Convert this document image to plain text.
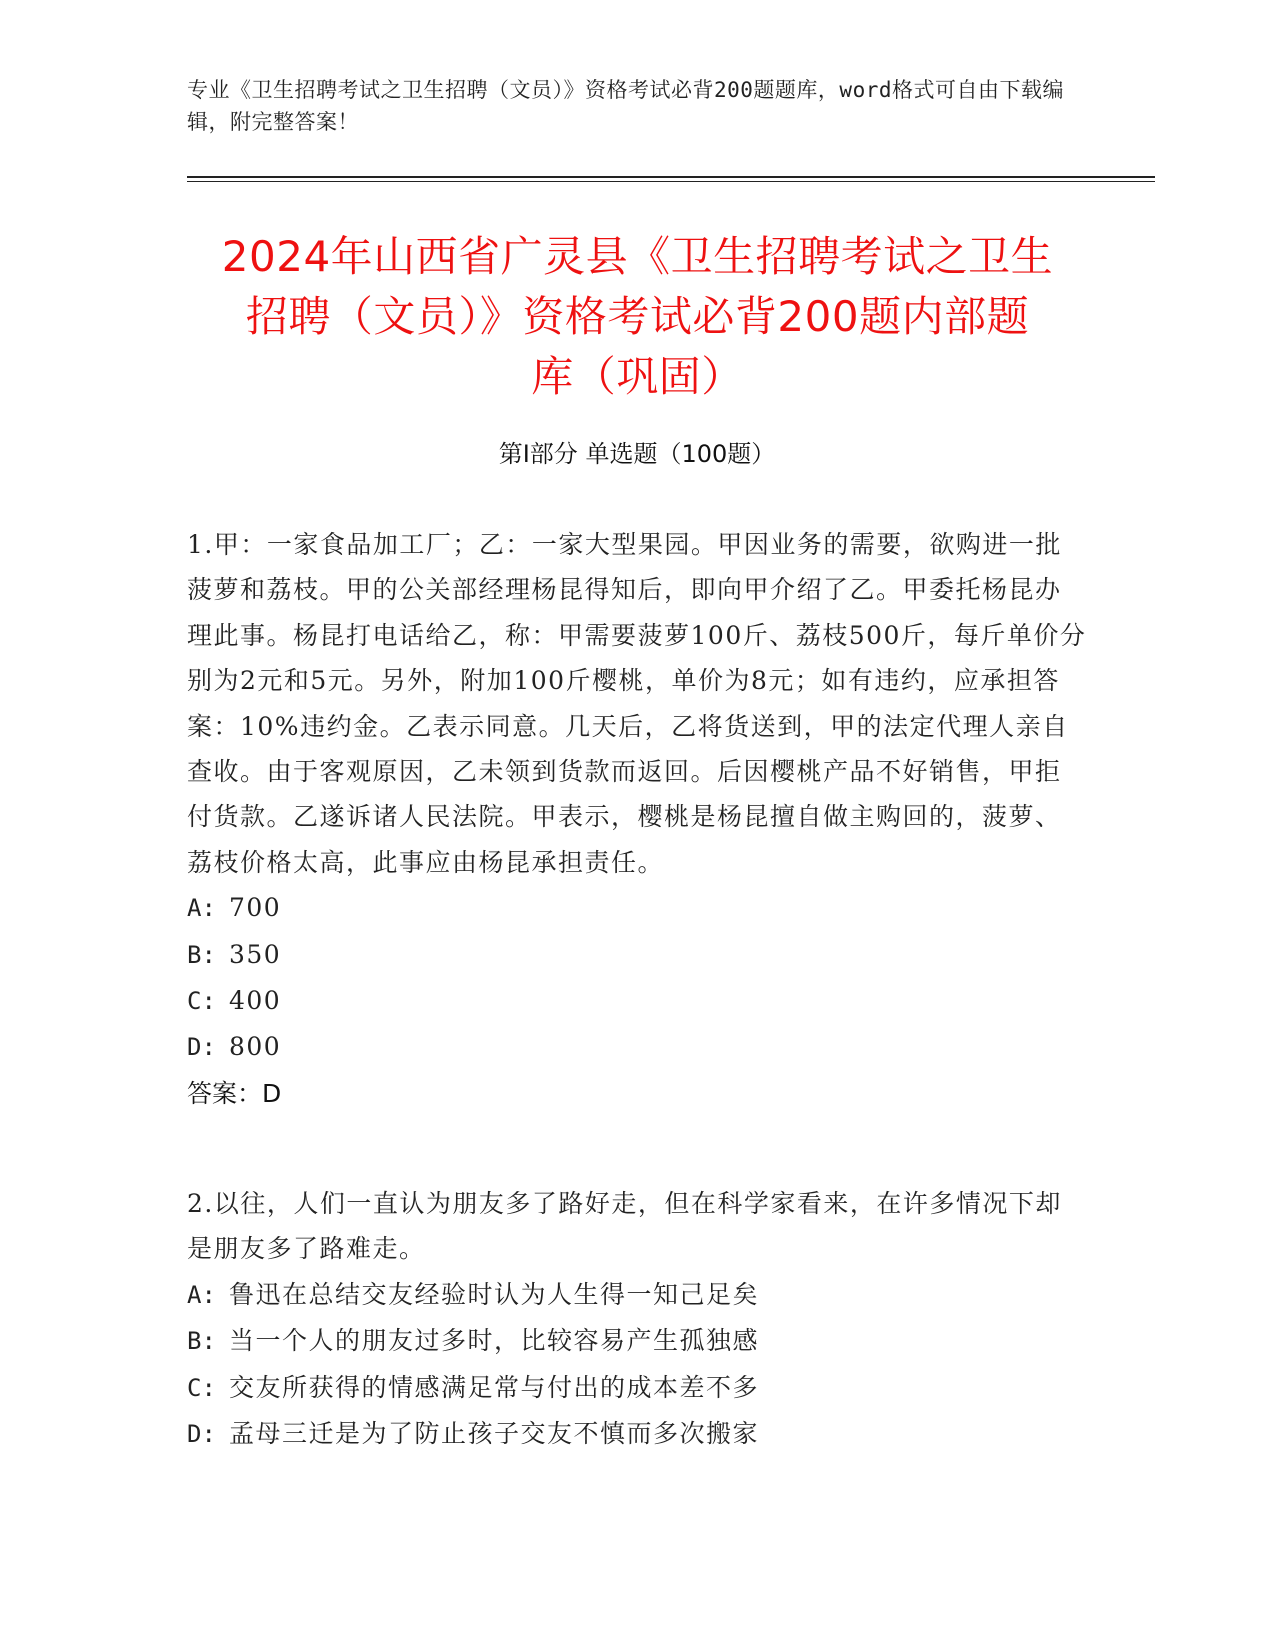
专业《卫生招聘考试之卫生招聘（文员）》资格考试必背200题题库，word格式可自由下载编辑，附完整答案！
2024年山西省广灵县《卫生招聘考试之卫生
招聘（文员）》资格考试必背200题内部题
库（巩固）
第I部分 单选题（100题）

1.甲：一家食品加工厂；乙：一家大型果园。甲因业务的需要，欲购进一批菠萝和荔枝。甲的公关部经理杨昆得知后，即向甲介绍了乙。甲委托杨昆办理此事。杨昆打电话给乙，称：甲需要菠萝100斤、荔枝500斤，每斤单价分别为2元和5元。另外，附加100斤樱桃，单价为8元；如有违约，应承担答案：10%违约金。乙表示同意。几天后，乙将货送到，甲的法定代理人亲自查收。由于客观原因，乙未领到货款而返回。后因樱桃产品不好销售，甲拒付货款。乙遂诉诸人民法院。甲表示，樱桃是杨昆擅自做主购回的，菠萝、荔枝价格太高，此事应由杨昆承担责任。

A: 700

B: 350

C: 400

D: 800

答案：D

2.以往，人们一直认为朋友多了路好走，但在科学家看来，在许多情况下却是朋友多了路难走。

A: 鲁迅在总结交友经验时认为人生得一知己足矣

B: 当一个人的朋友过多时，比较容易产生孤独感

C: 交友所获得的情感满足常与付出的成本差不多

D: 孟母三迁是为了防止孩子交友不慎而多次搬家
